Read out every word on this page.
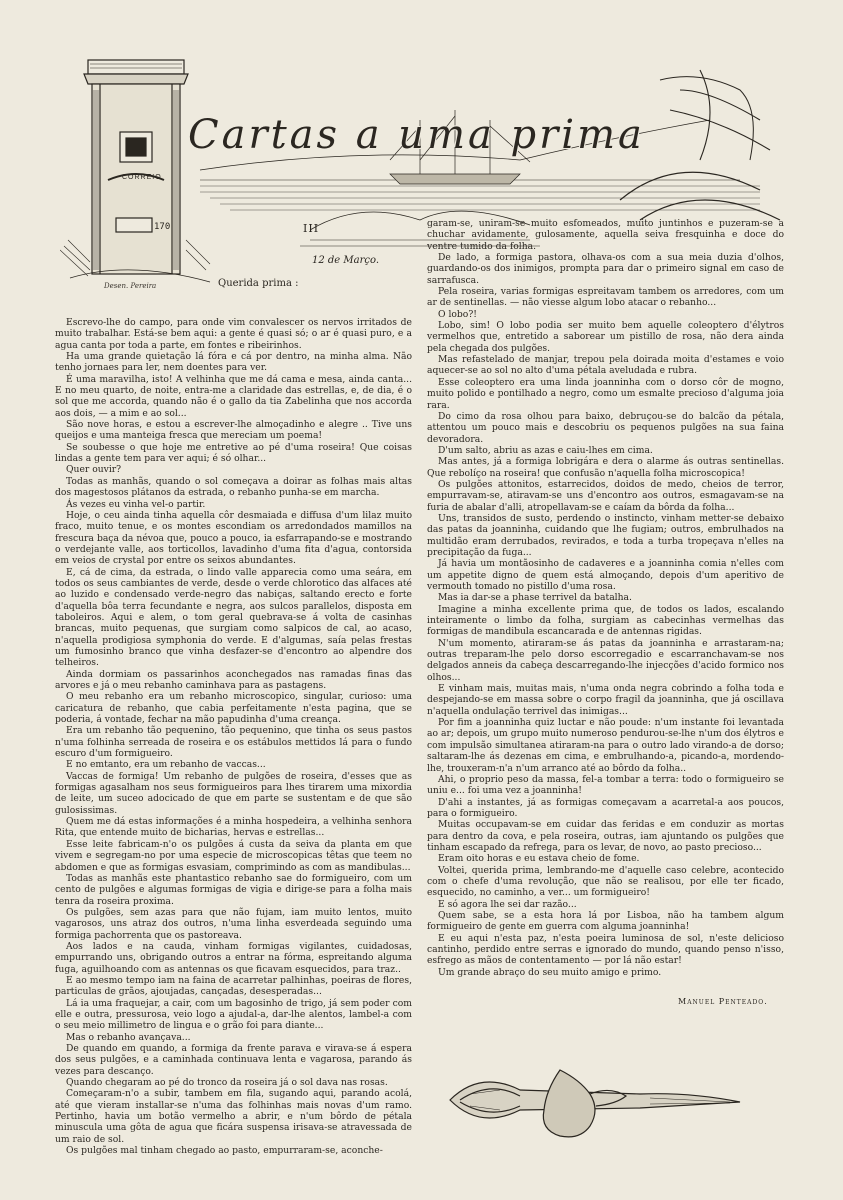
Cartas a uma prima
CORREIO
170
Desen. Pereira
III
12 de Março.
Querida prima :

Escrevo-lhe do campo, para onde vim convalescer os nervos irritados de muito trabalhar. Está-se bem aqui: a gente é quasi só; o ar é quasi puro, e a agua canta por toda a parte, em fontes e ribeirinhos.

Ha uma grande quietação lá fóra e cá por dentro, na minha alma. Não tenho jornaes para ler, nem doentes para ver.

É uma maravilha, isto! A velhinha que me dá cama e mesa, ainda canta... E no meu quarto, de noite, entra-me a claridade das estrellas, e, de dia, é o sol que me accorda, quando não é o gallo da tia Zabelinha que nos accorda aos dois, — a mim e ao sol...

São nove horas, e estou a escrever-lhe almoçadinho e alegre .. Tive uns queijos e uma manteiga fresca que mereciam um poema!

Se soubesse o que hoje me entretive ao pé d'uma roseira! Que coisas lindas a gente tem para ver aqui; é só olhar...

Quer ouvir?

Todas as manhãs, quando o sol começava a doirar as folhas mais altas dos magestosos plátanos da estrada, o rebanho punha-se em marcha.

Ás vezes eu vinha vel-o partir.

Hoje, o ceu ainda tinha aquella côr desmaiada e diffusa d'um lilaz muito fraco, muito tenue, e os montes escondiam os arredondados mamillos na frescura baça da névoa que, pouco a pouco, ia esfarrapando-se e mostrando o verdejante valle, aos torticollos, lavadinho d'uma fita d'agua, contorsida em veios de crystal por entre os seixos abundantes.

E, cá de cima, da estrada, o lindo valle apparecia como uma seára, em todos os seus cambiantes de verde, desde o verde chlorotico das alfaces até ao luzido e condensado verde-negro das nabiças, saltando erecto e forte d'aquella bôa terra fecundante e negra, aos sulcos parallelos, disposta em taboleiros. Aqui e alem, o tom geral quebrava-se á volta de casinhas brancas, muito pequenas, que surgiam como salpicos de cal, ao acaso, n'aquella prodigiosa symphonia do verde. E d'algumas, saía pelas frestas um fumosinho branco que vinha desfazer-se d'encontro ao alpendre dos telheiros.

Ainda dormiam os passarinhos aconchegados nas ramadas finas das arvores e já o meu rebanho caminhava para as pastagens.

O meu rebanho era um rebanho microscopico, singular, curioso: uma caricatura de rebanho, que cabia perfeitamente n'esta pagina, que se poderia, á vontade, fechar na mão papudinha d'uma creança.

Era um rebanho tão pequenino, tão pequenino, que tinha os seus pastos n'uma folhinha serreada de roseira e os estábulos mettidos lá para o fundo escuro d'um formigueiro.

E no emtanto, era um rebanho de vaccas...

Vaccas de formiga! Um rebanho de pulgões de roseira, d'esses que as formigas agasalham nos seus formigueiros para lhes tirarem uma mixordia de leite, um suceo adocicado de que em parte se sustentam e de que são gulosissimas.

Quem me dá estas informações é a minha hospedeira, a velhinha senhora Rita, que entende muito de bicharias, hervas e estrellas...

Esse leite fabricam-n'o os pulgões á custa da seiva da planta em que vivem e segregam-no por uma especie de microscopicas têtas que teem no abdomen e que as formigas esvasiam, comprimindo as com as mandibulas...

Todas as manhãs este phantastico rebanho sae do formigueiro, com um cento de pulgões e algumas formigas de vigia e dirige-se para a folha mais tenra da roseira proxima.

Os pulgões, sem azas para que não fujam, iam muito lentos, muito vagarosos, uns atraz dos outros, n'uma linha esverdeada seguindo uma formiga pachorrenta que os pastoreava.

Aos lados e na cauda, vinham formigas vigilantes, cuidadosas, empurrando uns, obrigando outros a entrar na fórma, espreitando alguma fuga, aguilhoando com as antennas os que ficavam esquecidos, para traz..

E ao mesmo tempo iam na faina de acarretar palhinhas, poeiras de flores, particulas de grãos, ajoujadas, cançadas, desesperadas...

Lá ia uma fraquejar, a cair, com um bagosinho de trigo, já sem poder com elle e outra, pressurosa, veio logo a ajudal-a, dar-lhe alentos, lambel-a com o seu meio millimetro de lingua e o grão foi para diante...

Mas o rebanho avançava...

De quando em quando, a formiga da frente parava e virava-se á espera dos seus pulgões, e a caminhada continuava lenta e vagarosa, parando ás vezes para descanço.

Quando chegaram ao pé do tronco da roseira já o sol dava nas rosas.

Começaram-n'o a subir, tambem em fila, sugando aqui, parando acolá, até que vieram installar-se n'uma das folhinhas mais novas d'um ramo. Pertinho, havia um botão vermelho a abrir, e n'um bôrdo de pétala minuscula uma gôta de agua que ficára suspensa irisava-se atravessada de um raio de sol.

Os pulgões mal tinham chegado ao pasto, empurraram-se, aconche-

garam-se, uniram-se muito esfomeados, muito juntinhos e puzeram-se a chuchar avidamente, gulosamente, aquella seiva fresquinha e doce do ventre tumido da folha.

De lado, a formiga pastora, olhava-os com a sua meia duzia d'olhos, guardando-os dos inimigos, prompta para dar o primeiro signal em caso de sarrafusca.

Pela roseira, varias formigas espreitavam tambem os arredores, com um ar de sentinellas. — não viesse algum lobo atacar o rebanho...

O lobo?!

Lobo, sim! O lobo podia ser muito bem aquelle coleoptero d'élytros vermelhos que, entretido a saborear um pistillo de rosa, não dera ainda pela chegada dos pulgões.

Mas refastelado de manjar, trepou pela doirada moita d'estames e voio aquecer-se ao sol no alto d'uma pétala aveludada e rubra.

Esse coleoptero era uma linda joanninha com o dorso côr de mogno, muito polido e pontilhado a negro, como um esmalte precioso d'alguma joia rara.

Do cimo da rosa olhou para baixo, debruçou-se do balcão da pétala, attentou um pouco mais e descobriu os pequenos pulgões na sua faina devoradora.

D'um salto, abriu as azas e caiu-lhes em cima.

Mas antes, já a formiga lobrigára e dera o alarme ás outras sentinellas. Que rebolíço na roseira! que confusão n'aquella folha microscopica!

Os pulgões attonitos, estarrecidos, doidos de medo, cheios de terror, empurravam-se, atiravam-se uns d'encontro aos outros, esmagavam-se na furia de abalar d'alli, atropellavam-se e caíam da bôrda da folha...

Uns, transidos de susto, perdendo o instincto, vinham metter-se debaixo das patas da joanninha, cuidando que lhe fugiam; outros, embrulhados na multidão eram derrubados, revirados, e toda a turba tropeçava n'elles na precipitação da fuga...

Já havia um montãosinho de cadaveres e a joanninha comia n'elles com um appetite digno de quem está almoçando, depois d'um aperitivo de vermouth tomado no pistillo d'uma rosa.

Mas ia dar-se a phase terrivel da batalha.

Imagine a minha excellente prima que, de todos os lados, escalando inteiramente o limbo da folha, surgiam as cabecinhas vermelhas das formigas de mandibula escancarada e de antennas rigidas.

N'um momento, atiraram-se ás patas da joanninha e arrastaram-na; outras treparam-lhe pelo dorso escorregadio e escarranchavam-se nos delgados anneis da cabeça descarregando-lhe injecções d'acido formico nos olhos...

E vinham mais, muitas mais, n'uma onda negra cobrindo a folha toda e despejando-se em massa sobre o corpo fragil da joanninha, que já oscillava n'aquella ondulação terrivel das inimigas...

Por fim a joanninha quiz luctar e não poude: n'um instante foi levantada ao ar; depois, um grupo muito numeroso pendurou-se-lhe n'um dos élytros e com impulsão simultanea atiraram-na para o outro lado virando-a de dorso; saltaram-lhe ás dezenas em cima, e embrulhando-a, picando-a, mordendo-lhe, trouxeram-n'a n'um arranco até ao bôrdo da folha..

Ahi, o proprio peso da massa, fel-a tombar a terra: todo o formigueiro se uniu e... foi uma vez a joanninha!

D'ahi a instantes, já as formigas começavam a acarretal-a aos poucos, para o formigueiro.

Muitas occupavam-se em cuidar das feridas e em conduzir as mortas para dentro da cova, e pela roseira, outras, iam ajuntando os pulgões que tinham escapado da refrega, para os levar, de novo, ao pasto precioso...

Eram oito horas e eu estava cheio de fome.

Voltei, querida prima, lembrando-me d'aquelle caso celebre, acontecido com o chefe d'uma revolução, que não se realisou, por elle ter ficado, esquecido, no caminho, a ver... um formigueiro!

E só agora lhe sei dar razão...

Quem sabe, se a esta hora lá por Lisboa, não ha tambem algum formigueiro de gente em guerra com alguma joanninha!

E eu aqui n'esta paz, n'esta poeira luminosa de sol, n'este delicioso cantinho, perdido entre serras e ignorado do mundo, quando penso n'isso, esfrego as mãos de contentamento — por lá não estar!

Um grande abraço do seu muito amigo e primo.

Manuel Penteado.
